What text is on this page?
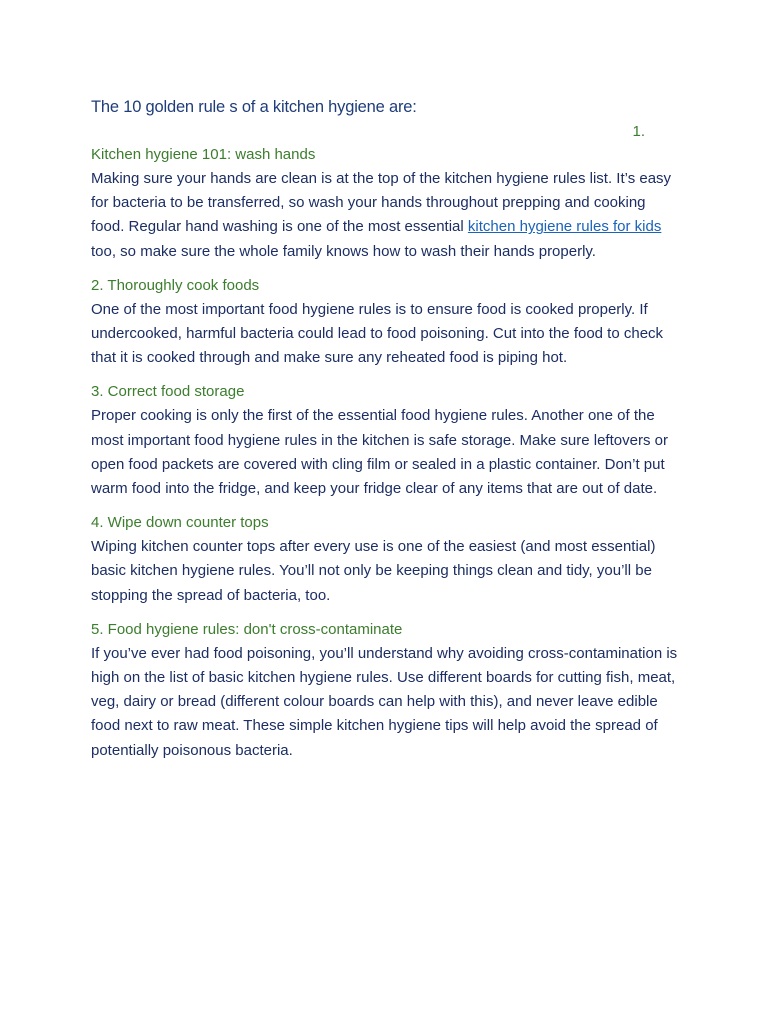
The 10 golden rule s of a kitchen hygiene are:

1.

Kitchen hygiene 101: wash hands

Making sure your hands are clean is at the top of the kitchen hygiene rules list. It’s easy for bacteria to be transferred, so wash your hands throughout prepping and cooking food. Regular hand washing is one of the most essential kitchen hygiene rules for kids too, so make sure the whole family knows how to wash their hands properly.

2. Thoroughly cook foods

One of the most important food hygiene rules is to ensure food is cooked properly. If undercooked, harmful bacteria could lead to food poisoning. Cut into the food to check that it is cooked through and make sure any reheated food is piping hot.

3. Correct food storage

Proper cooking is only the first of the essential food hygiene rules. Another one of the most important food hygiene rules in the kitchen is safe storage. Make sure leftovers or open food packets are covered with cling film or sealed in a plastic container. Don’t put warm food into the fridge, and keep your fridge clear of any items that are out of date.

4. Wipe down counter tops

Wiping kitchen counter tops after every use is one of the easiest (and most essential) basic kitchen hygiene rules. You’ll not only be keeping things clean and tidy, you’ll be stopping the spread of bacteria, too.

5. Food hygiene rules: don't cross-contaminate

If you’ve ever had food poisoning, you’ll understand why avoiding cross-contamination is high on the list of basic kitchen hygiene rules. Use different boards for cutting fish, meat, veg, dairy or bread (different colour boards can help with this), and never leave edible food next to raw meat. These simple kitchen hygiene tips will help avoid the spread of potentially poisonous bacteria.
